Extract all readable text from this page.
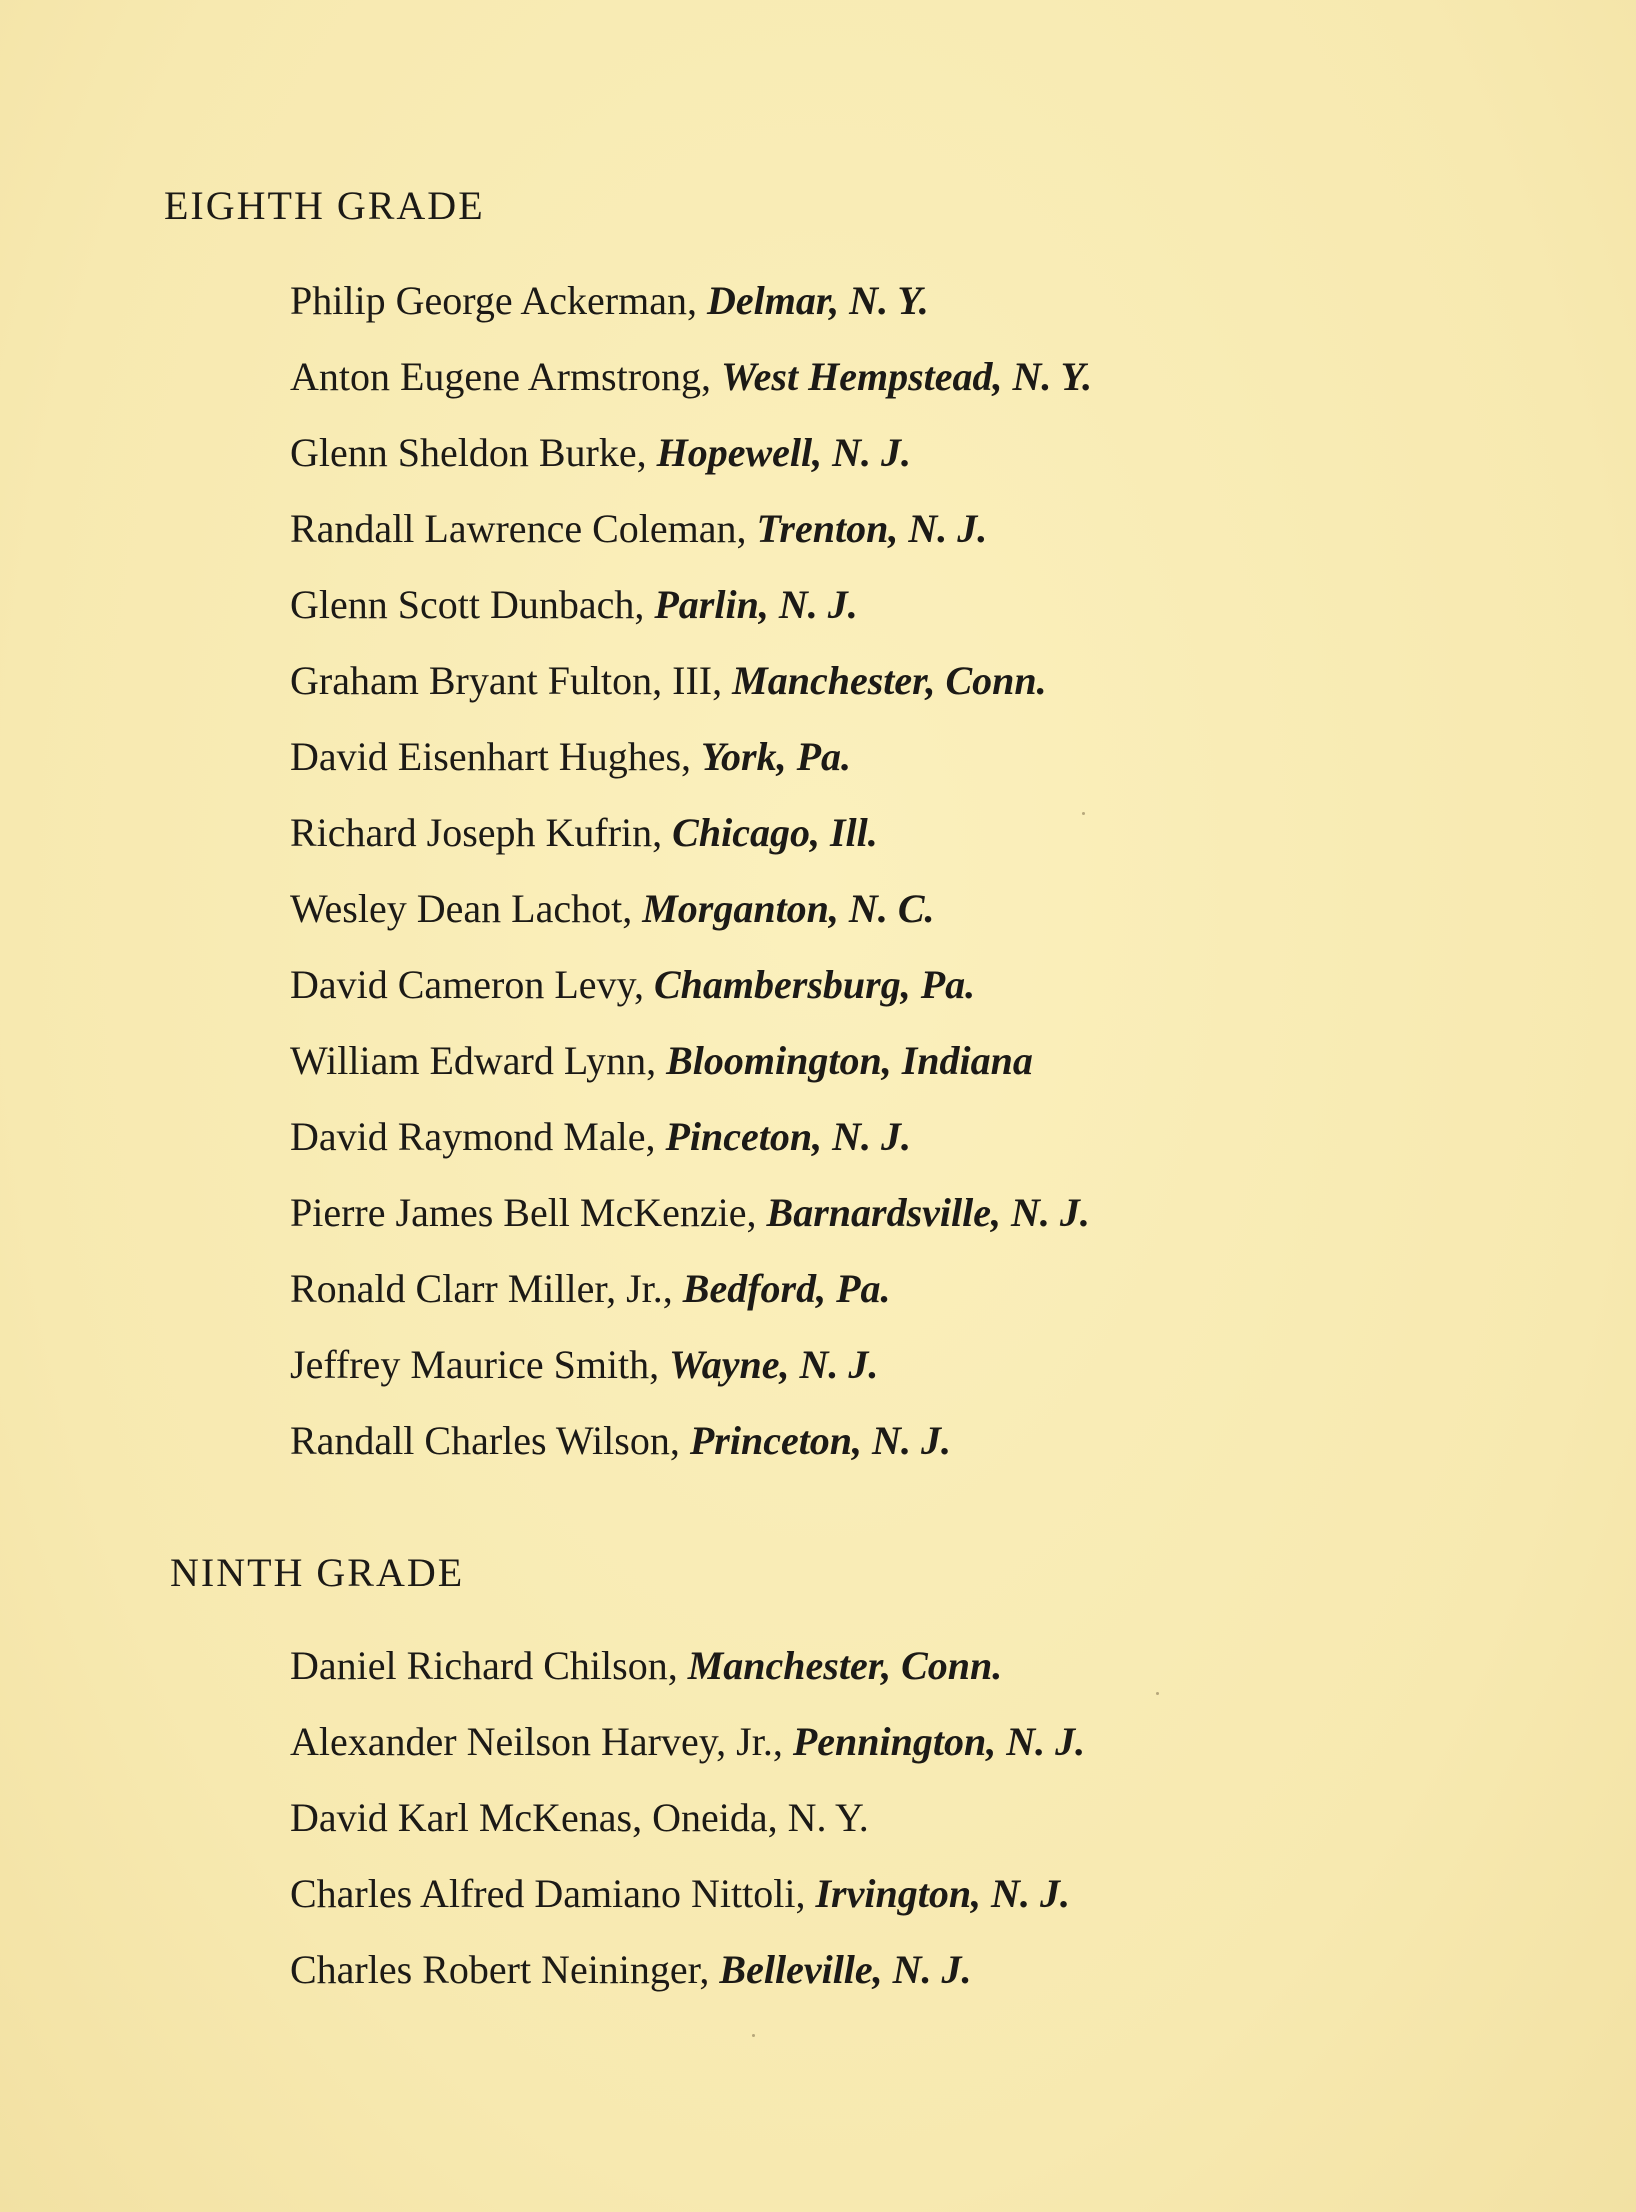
EIGHTH GRADE
Philip George Ackerman, Delmar, N. Y.
Anton Eugene Armstrong, West Hempstead, N. Y.
Glenn Sheldon Burke, Hopewell, N. J.
Randall Lawrence Coleman, Trenton, N. J.
Glenn Scott Dunbach, Parlin, N. J.
Graham Bryant Fulton, III, Manchester, Conn.
David Eisenhart Hughes, York, Pa.
Richard Joseph Kufrin, Chicago, Ill.
Wesley Dean Lachot, Morganton, N. C.
David Cameron Levy, Chambersburg, Pa.
William Edward Lynn, Bloomington, Indiana
David Raymond Male, Pinceton, N. J.
Pierre James Bell McKenzie, Barnardsville, N. J.
Ronald Clarr Miller, Jr., Bedford, Pa.
Jeffrey Maurice Smith, Wayne, N. J.
Randall Charles Wilson, Princeton, N. J.
NINTH GRADE
Daniel Richard Chilson, Manchester, Conn.
Alexander Neilson Harvey, Jr., Pennington, N. J.
David Karl McKenas, Oneida, N. Y.
Charles Alfred Damiano Nittoli, Irvington, N. J.
Charles Robert Neininger, Belleville, N. J.
